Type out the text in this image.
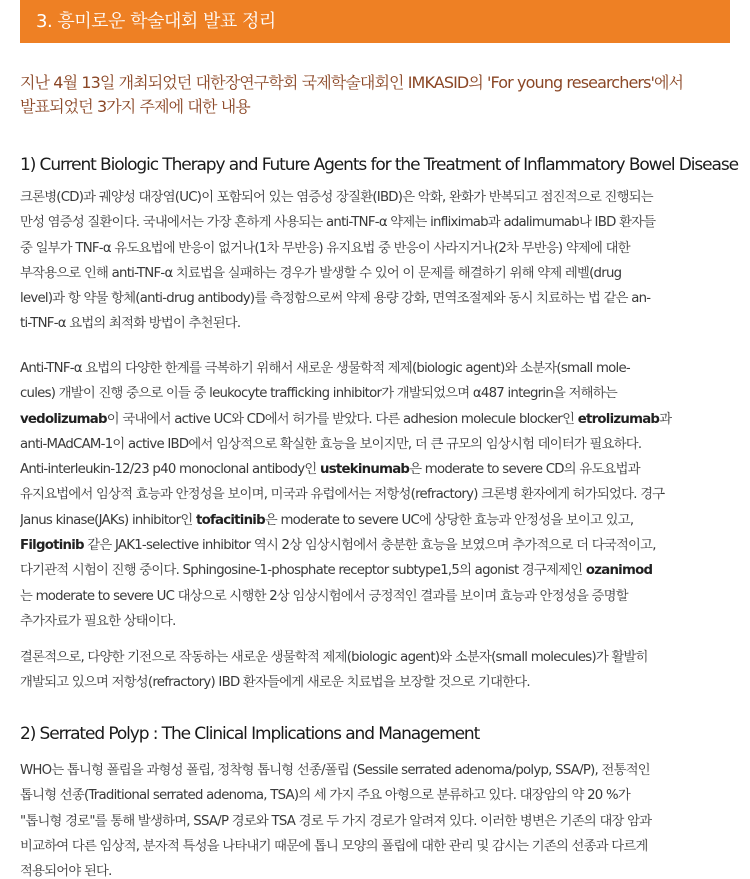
3. 흥미로운 학술대회 발표 정리
지난 4월 13일 개최되었던 대한장연구학회 국제학술대회인 IMKASID의 'For young researchers'에서
발표되었던 3가지 주제에 대한 내용
1) Current Biologic Therapy and Future Agents for the Treatment of Inflammatory Bowel Disease
크론병(CD)과 궤양성 대장염(UC)이 포함되어 있는 염증성 장질환(IBD)은 악화, 완화가 반복되고 점진적으로 진행되는
만성 염증성 질환이다. 국내에서는 가장 흔하게 사용되는 anti-TNF-α 약제는 infliximab과 adalimumab나 IBD 환자들
중 일부가 TNF-α 유도요법에 반응이 없거나(1차 무반응) 유지요법 중 반응이 사라지거나(2차 무반응) 약제에 대한
부작용으로 인해 anti-TNF-α 치료법을 실패하는 경우가 발생할 수 있어 이 문제를 해결하기 위해 약제 레벨(drug
level)과 항 약물 항체(anti-drug antibody)를 측정함으로써 약제 용량 강화, 면역조절제와 동시 치료하는 법 같은 an-
ti-TNF-α 요법의 최적화 방법이 추천된다.
Anti-TNF-α 요법의 다양한 한계를 극복하기 위해서 새로운 생물학적 제제(biologic agent)와 소분자(small mole-
cules) 개발이 진행 중으로 이들 중 leukocyte trafficking inhibitor가 개발되었으며 α487 integrin을 저해하는
vedolizumab이 국내에서 active UC와 CD에서 허가를 받았다. 다른 adhesion molecule blocker인 etrolizumab과
anti-MAdCAM-1이 active IBD에서 임상적으로 확실한 효능을 보이지만, 더 큰 규모의 임상시험 데이터가 필요하다.
Anti-interleukin-12/23 p40 monoclonal antibody인 ustekinumab은 moderate to severe CD의 유도요법과
유지요법에서 임상적 효능과 안정성을 보이며, 미국과 유럽에서는 저항성(refractory) 크론병 환자에게 허가되었다. 경구
Janus kinase(JAKs) inhibitor인 tofacitinib은 moderate to severe UC에 상당한 효능과 안정성을 보이고 있고,
Filgotinib 같은 JAK1-selective inhibitor 역시 2상 임상시험에서 충분한 효능을 보였으며 추가적으로 더 다국적이고,
다기관적 시험이 진행 중이다. Sphingosine-1-phosphate receptor subtype1,5의 agonist 경구제제인 ozanimod
는 moderate to severe UC 대상으로 시행한 2상 임상시험에서 긍정적인 결과를 보이며 효능과 안정성을 증명할
추가자료가 필요한 상태이다.
결론적으로, 다양한 기전으로 작동하는 새로운 생물학적 제제(biologic agent)와 소분자(small molecules)가 활발히
개발되고 있으며 저항성(refractory) IBD 환자들에게 새로운 치료법을 보장할 것으로 기대한다.
2) Serrated Polyp : The Clinical Implications and Management
WHO는 톱니형 폴립을 과형성 폴립, 정착형 톱니형 선종/폴립 (Sessile serrated adenoma/polyp, SSA/P), 전통적인
톱니형 선종(Traditional serrated adenoma, TSA)의 세 가지 주요 아형으로 분류하고 있다. 대장암의 약 20 %가
"톱니형 경로"를 통해 발생하며, SSA/P 경로와 TSA 경로 두 가지 경로가 알려져 있다. 이러한 병변은 기존의 대장 암과
비교하여 다른 임상적, 분자적 특성을 나타내기 때문에 톱니 모양의 폴립에 대한 관리 및 감시는 기존의 선종과 다르게
적용되어야 된다.
